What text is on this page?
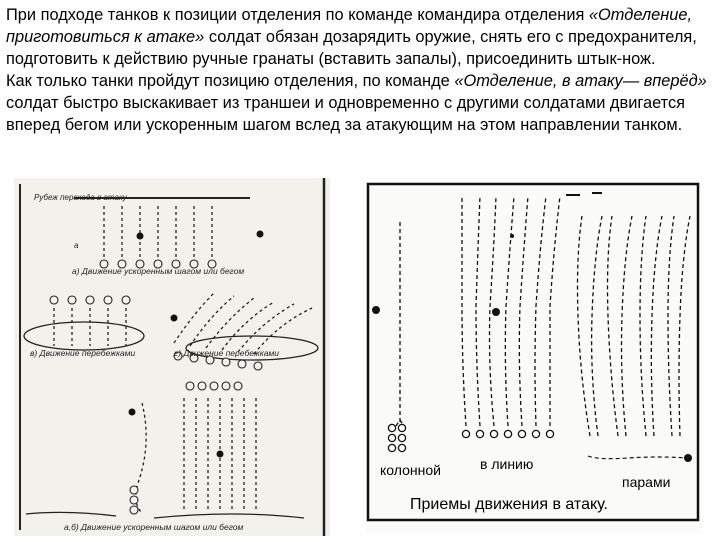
При подходе танков к позиции отделения по команде командира отделения «Отделение, приготовиться к атаке» солдат обязан дозарядить оружие, снять его с предохранителя, подготовить к действию ручные гранаты (вставить запалы), присоединить штык-нож.

Как только танки пройдут позицию отделения, по команде «Отделение, в атаку— вперёд» солдат быстро выскакивает из траншеи и одновременно с другими солдатами двигается вперед бегом или ускоренным шагом вслед за атакующим на этом направлении танком.

Рубеж перехода в атаку
а
а) Движение ускоренным шагом или бегом
в) Движение перебежками	г) Движение перебежками
а,б) Движение ускоренным шагом или бегом
колонной	в линию
парами
Приемы движения в атаку.
